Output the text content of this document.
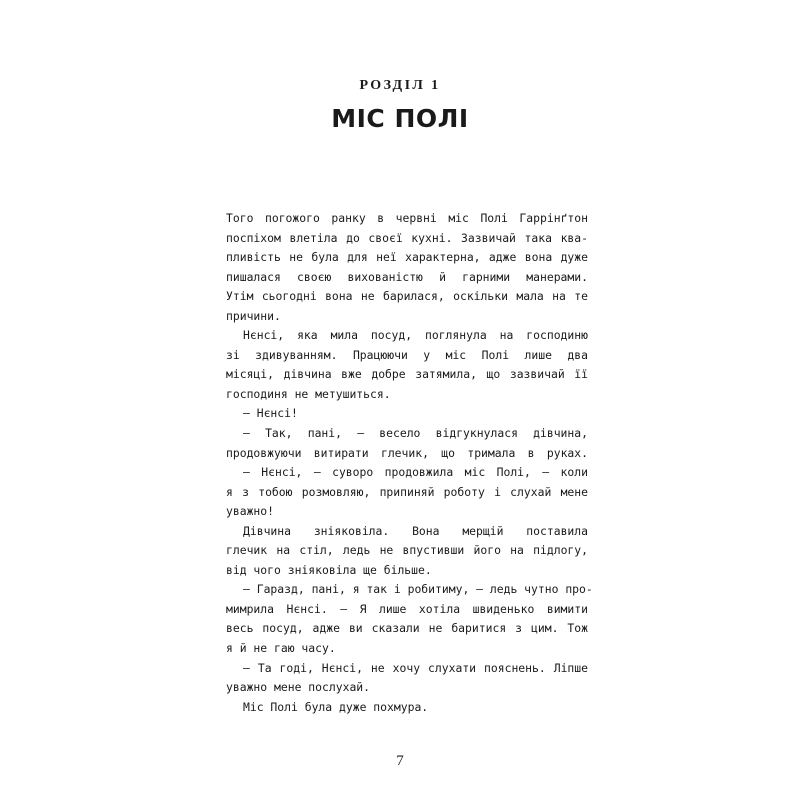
РОЗДІЛ 1
МІС ПОЛІ
Того погожого ранку в червні міс Полі Гаррінґтон
поспіхом влетіла до своєї кухні. Зазвичай така ква-
пливість не була для неї характерна, адже вона дуже
пишалася своєю вихованістю й гарними манерами.
Утім сьогодні вона не барилася, оскільки мала на те
причини.
Нєнсі, яка мила посуд, поглянула на господиню
зі здивуванням. Працюючи у міс Полі лише два
місяці, дівчина вже добре затямила, що зазвичай її
господиня не метушиться.
— Нєнсі!
— Так, пані, — весело відгукнулася дівчина,
продовжуючи витирати глечик, що тримала в руках.
— Нєнсі, — суворо продовжила міс Полі, — коли
я з тобою розмовляю, припиняй роботу і слухай мене
уважно!
Дівчина зніяковіла. Вона мерщій поставила
глечик на стіл, ледь не впустивши його на підлогу,
від чого зніяковіла ще більше.
— Гаразд, пані, я так і робитиму, — ледь чутно про-
мимрила Нєнсі. — Я лише хотіла швиденько вимити
весь посуд, адже ви сказали не баритися з цим. Тож
я й не гаю часу.
— Та годі, Нєнсі, не хочу слухати пояснень. Ліпше
уважно мене послухай.
Міс Полі була дуже похмура.
7
